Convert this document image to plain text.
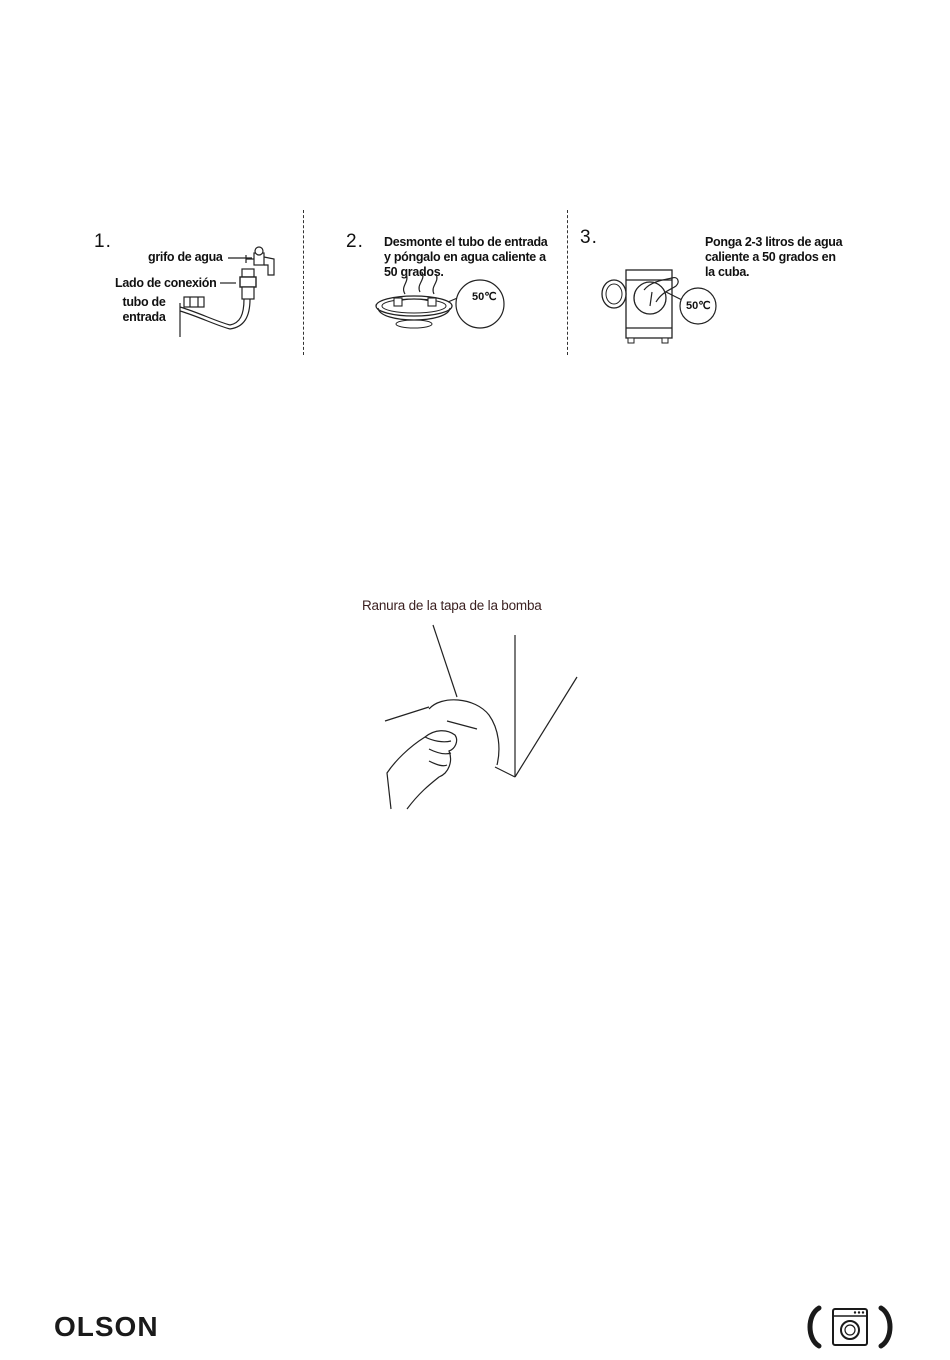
1.
grifo de agua
Lado de conexión
tubo de
entrada
2. Desmonte el tubo de entrada
y póngalo en agua caliente a
50 grados.
50℃
3.	Ponga 2-3 litros de agua
caliente a 50 grados en
la cuba.
50℃
Ranura de la tapa de la bomba
OLSON
